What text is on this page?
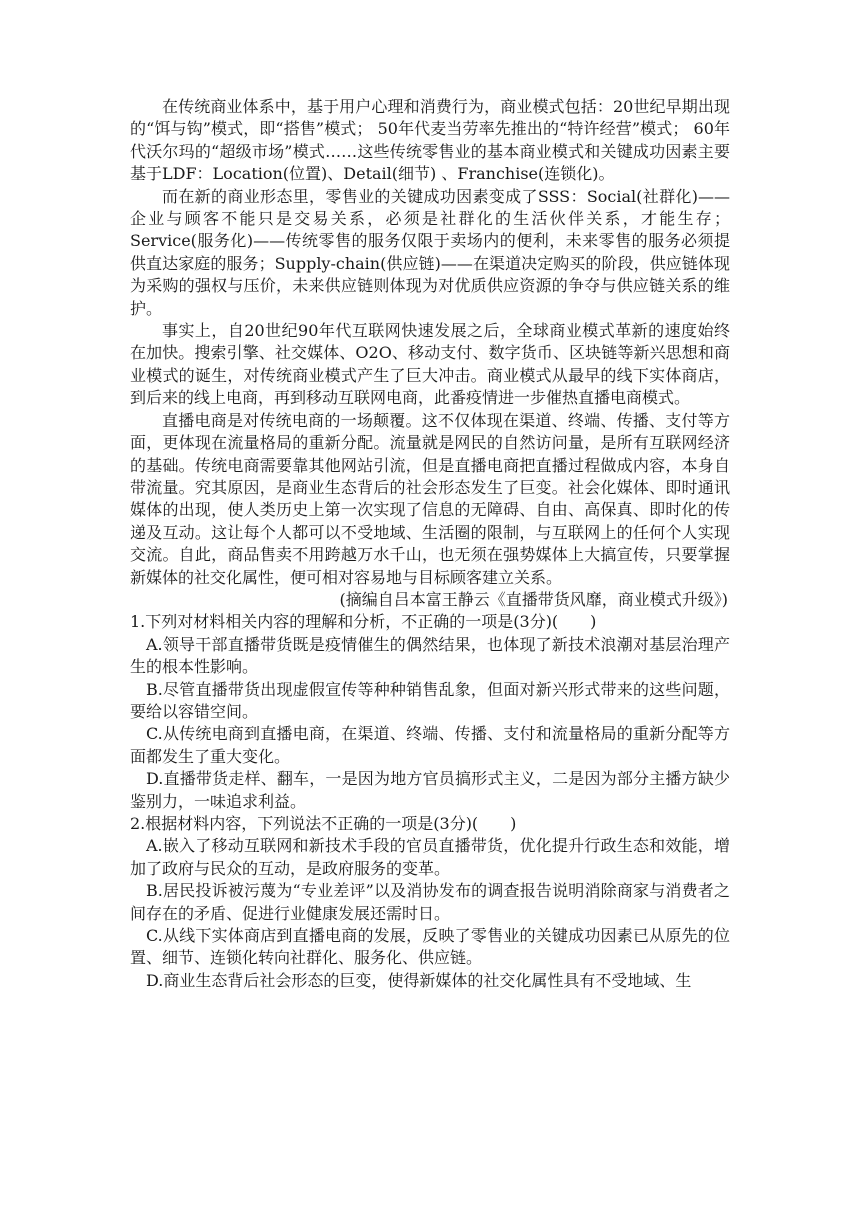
在传统商业体系中，基于用户心理和消费行为，商业模式包括：20世纪早期出现的“饵与钩”模式，即“搭售”模式； 50年代麦当劳率先推出的“特许经营”模式； 60年代沃尔玛的“超级市场”模式……这些传统零售业的基本商业模式和关键成功因素主要基于LDF：Location(位置)、Detail(细节) 、Franchise(连锁化)。

而在新的商业形态里，零售业的关键成功因素变成了SSS：Social(社群化)——企业与顾客不能只是交易关系，必须是社群化的生活伙伴关系，才能生存；Service(服务化)——传统零售的服务仅限于卖场内的便利，未来零售的服务必须提供直达家庭的服务；Supply-chain(供应链)——在渠道决定购买的阶段，供应链体现为采购的强权与压价，未来供应链则体现为对优质供应资源的争夺与供应链关系的维护。

事实上，自20世纪90年代互联网快速发展之后，全球商业模式革新的速度始终在加快。搜索引擎、社交媒体、O2O、移动支付、数字货币、区块链等新兴思想和商业模式的诞生，对传统商业模式产生了巨大冲击。商业模式从最早的线下实体商店，到后来的线上电商，再到移动互联网电商，此番疫情进一步催热直播电商模式。

直播电商是对传统电商的一场颠覆。这不仅体现在渠道、终端、传播、支付等方面，更体现在流量格局的重新分配。流量就是网民的自然访问量，是所有互联网经济的基础。传统电商需要靠其他网站引流，但是直播电商把直播过程做成内容，本身自带流量。究其原因，是商业生态背后的社会形态发生了巨变。社会化媒体、即时通讯媒体的出现，使人类历史上第一次实现了信息的无障碍、自由、高保真、即时化的传递及互动。这让每个人都可以不受地域、生活圈的限制，与互联网上的任何个人实现交流。自此，商品售卖不用跨越万水千山，也无须在强势媒体上大搞宣传，只要掌握新媒体的社交化属性，便可相对容易地与目标顾客建立关系。

(摘编自吕本富王静云《直播带货风靡，商业模式升级》)

1.下列对材料相关内容的理解和分析，不正确的一项是(3分)(　　)

A.领导干部直播带货既是疫情催生的偶然结果，也体现了新技术浪潮对基层治理产生的根本性影响。

B.尽管直播带货出现虚假宣传等种种销售乱象，但面对新兴形式带来的这些问题，要给以容错空间。

C.从传统电商到直播电商，在渠道、终端、传播、支付和流量格局的重新分配等方面都发生了重大变化。

D.直播带货走样、翻车，一是因为地方官员搞形式主义，二是因为部分主播方缺少鉴别力，一味追求利益。

2.根据材料内容，下列说法不正确的一项是(3分)(　　)

A.嵌入了移动互联网和新技术手段的官员直播带货，优化提升行政生态和效能，增加了政府与民众的互动，是政府服务的变革。

B.居民投诉被污蔑为“专业差评”以及消协发布的调查报告说明消除商家与消费者之间存在的矛盾、促进行业健康发展还需时日。

C.从线下实体商店到直播电商的发展，反映了零售业的关键成功因素已从原先的位置、细节、连锁化转向社群化、服务化、供应链。

D.商业生态背后社会形态的巨变，使得新媒体的社交化属性具有不受地域、生
